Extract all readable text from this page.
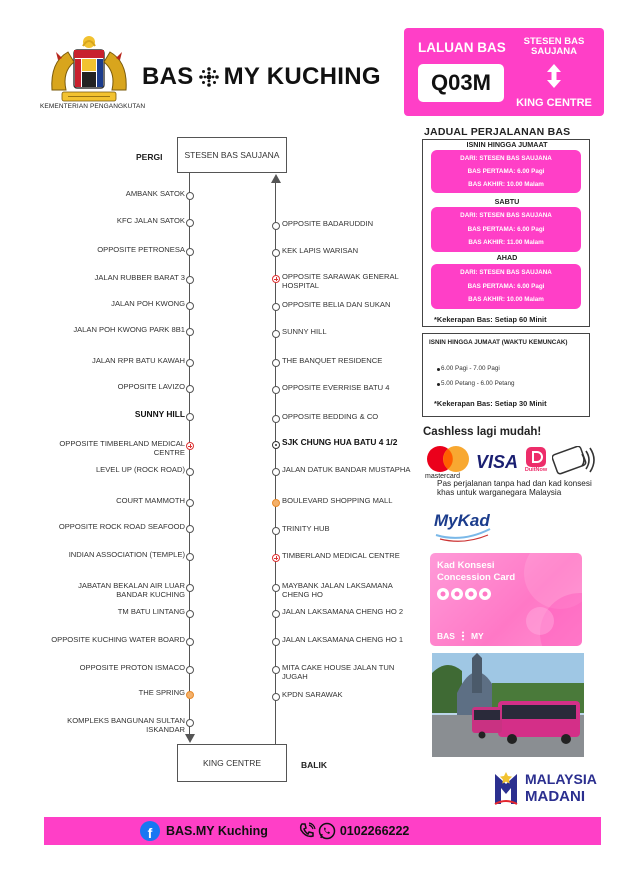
KEMENTERIAN PENGANGKUTAN
BAS MY KUCHING
LALUAN BAS
Q03M
STESEN BAS SAUJANA
KING CENTRE
PERGI	STESEN BAS SAUJANA
KING CENTRE	BALIK
AMBANK SATOK
KFC JALAN SATOK
OPPOSITE PETRONESA
JALAN RUBBER BARAT 3
JALAN POH KWONG
JALAN POH KWONG PARK 8B1
JALAN RPR BATU KAWAH
OPPOSITE LAVIZO
SUNNY HILL
OPPOSITE TIMBERLAND MEDICAL CENTRE
LEVEL UP (ROCK ROAD)
COURT MAMMOTH
OPPOSITE ROCK ROAD SEAFOOD
INDIAN ASSOCIATION (TEMPLE)
JABATAN BEKALAN AIR LUAR BANDAR KUCHING
TM BATU LINTANG
OPPOSITE KUCHING WATER BOARD
OPPOSITE PROTON ISMACO
THE SPRING
KOMPLEKS BANGUNAN SULTAN ISKANDAR
OPPOSITE BADARUDDIN
KEK LAPIS WARISAN
OPPOSITE SARAWAK GENERAL HOSPITAL
OPPOSITE BELIA DAN SUKAN
SUNNY HILL
THE BANQUET RESIDENCE
OPPOSITE EVERRISE BATU 4
OPPOSITE BEDDING & CO
SJK CHUNG HUA BATU 4 1/2
JALAN DATUK BANDAR MUSTAPHA
BOULEVARD SHOPPING MALL
TRINITY HUB
TIMBERLAND MEDICAL CENTRE
MAYBANK JALAN LAKSAMANA CHENG HO
JALAN LAKSAMANA CHENG HO 2
JALAN LAKSAMANA CHENG HO 1
MITA CAKE HOUSE JALAN TUN JUGAH
KPDN SARAWAK
JADUAL PERJALANAN BAS
ISNIN HINGGA JUMAAT
DARI: STESEN BAS SAUJANA
BAS PERTAMA: 6.00 Pagi
BAS AKHIR: 10.00 Malam
SABTU
DARI: STESEN BAS SAUJANA
BAS PERTAMA: 6.00 Pagi
BAS AKHIR: 11.00 Malam
AHAD
DARI: STESEN BAS SAUJANA
BAS PERTAMA: 6.00 Pagi
BAS AKHIR: 10.00 Malam
*Kekerapan Bas: Setiap 60 Minit
ISNIN HINGGA JUMAAT (WAKTU KEMUNCAK)
6.00 Pagi - 7.00 Pagi
5.00 Petang - 6.00 Petang
*Kekerapan Bas: Setiap 30 Minit
Cashless lagi mudah!
mastercard
VISA	DuitNow
Pas perjalanan tanpa had dan kad konsesi khas untuk warganegara Malaysia
MyKad
Kad Konsesi
Concession Card
BAS MY
MALAYSIA
MADANI
f	BAS.MY Kuching	0102266222
